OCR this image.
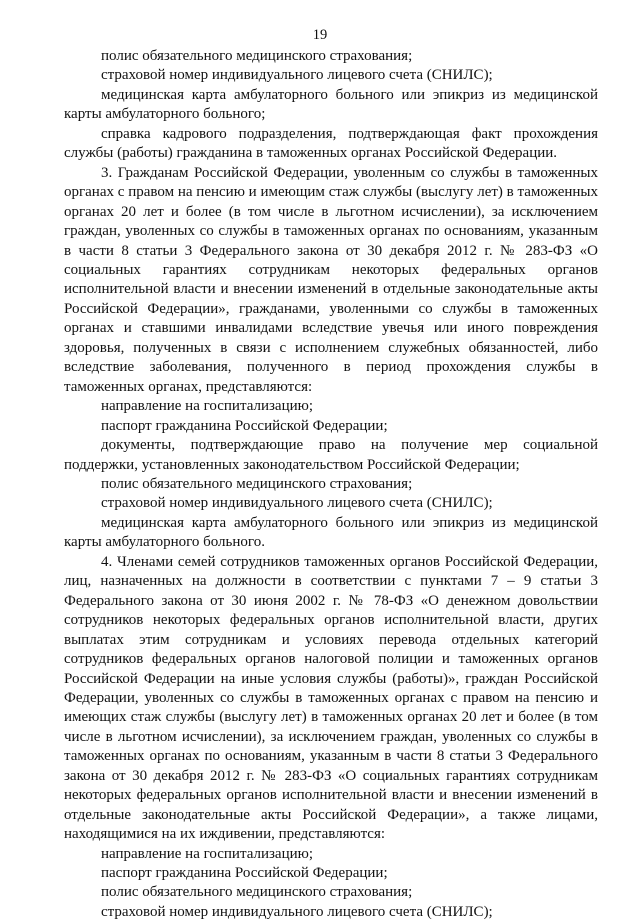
19

полис обязательного медицинского страхования;

страховой номер индивидуального лицевого счета (СНИЛС);

медицинская карта амбулаторного больного или эпикриз из медицинской карты амбулаторного больного;

справка кадрового подразделения, подтверждающая факт прохождения службы (работы) гражданина в таможенных органах Российской Федерации.

3. Гражданам Российской Федерации, уволенным со службы в таможенных органах с правом на пенсию и имеющим стаж службы (выслугу лет) в таможенных органах 20 лет и более (в том числе в льготном исчислении), за исключением граждан, уволенных со службы в таможенных органах по основаниям, указанным в части 8 статьи 3 Федерального закона от 30 декабря 2012 г. № 283-ФЗ «О социальных гарантиях сотрудникам некоторых федеральных органов исполнительной власти и внесении изменений в отдельные законодательные акты Российской Федерации», гражданами, уволенными со службы в таможенных органах и ставшими инвалидами вследствие увечья или иного повреждения здоровья, полученных в связи с исполнением служебных обязанностей, либо вследствие заболевания, полученного в период прохождения службы в таможенных органах, представляются:

направление на госпитализацию;

паспорт гражданина Российской Федерации;

документы, подтверждающие право на получение мер социальной поддержки, установленных законодательством Российской Федерации;

полис обязательного медицинского страхования;

страховой номер индивидуального лицевого счета (СНИЛС);

медицинская карта амбулаторного больного или эпикриз из медицинской карты амбулаторного больного.

4. Членами семей сотрудников таможенных органов Российской Федерации, лиц, назначенных на должности в соответствии с пунктами 7 – 9 статьи 3 Федерального закона от 30 июня 2002 г. № 78-ФЗ «О денежном довольствии сотрудников некоторых федеральных органов исполнительной власти, других выплатах этим сотрудникам и условиях перевода отдельных категорий сотрудников федеральных органов налоговой полиции и таможенных органов Российской Федерации на иные условия службы (работы)», граждан Российской Федерации, уволенных со службы в таможенных органах с правом на пенсию и имеющих стаж службы (выслугу лет) в таможенных органах 20 лет и более (в том числе в льготном исчислении), за исключением граждан, уволенных со службы в таможенных органах по основаниям, указанным в части 8 статьи 3 Федерального закона от 30 декабря 2012 г. № 283-ФЗ «О социальных гарантиях сотрудникам некоторых федеральных органов исполнительной власти и внесении изменений в отдельные законодательные акты Российской Федерации», а также лицами, находящимися на их иждивении, представляются:

направление на госпитализацию;

паспорт гражданина Российской Федерации;

полис обязательного медицинского страхования;

страховой номер индивидуального лицевого счета (СНИЛС);
